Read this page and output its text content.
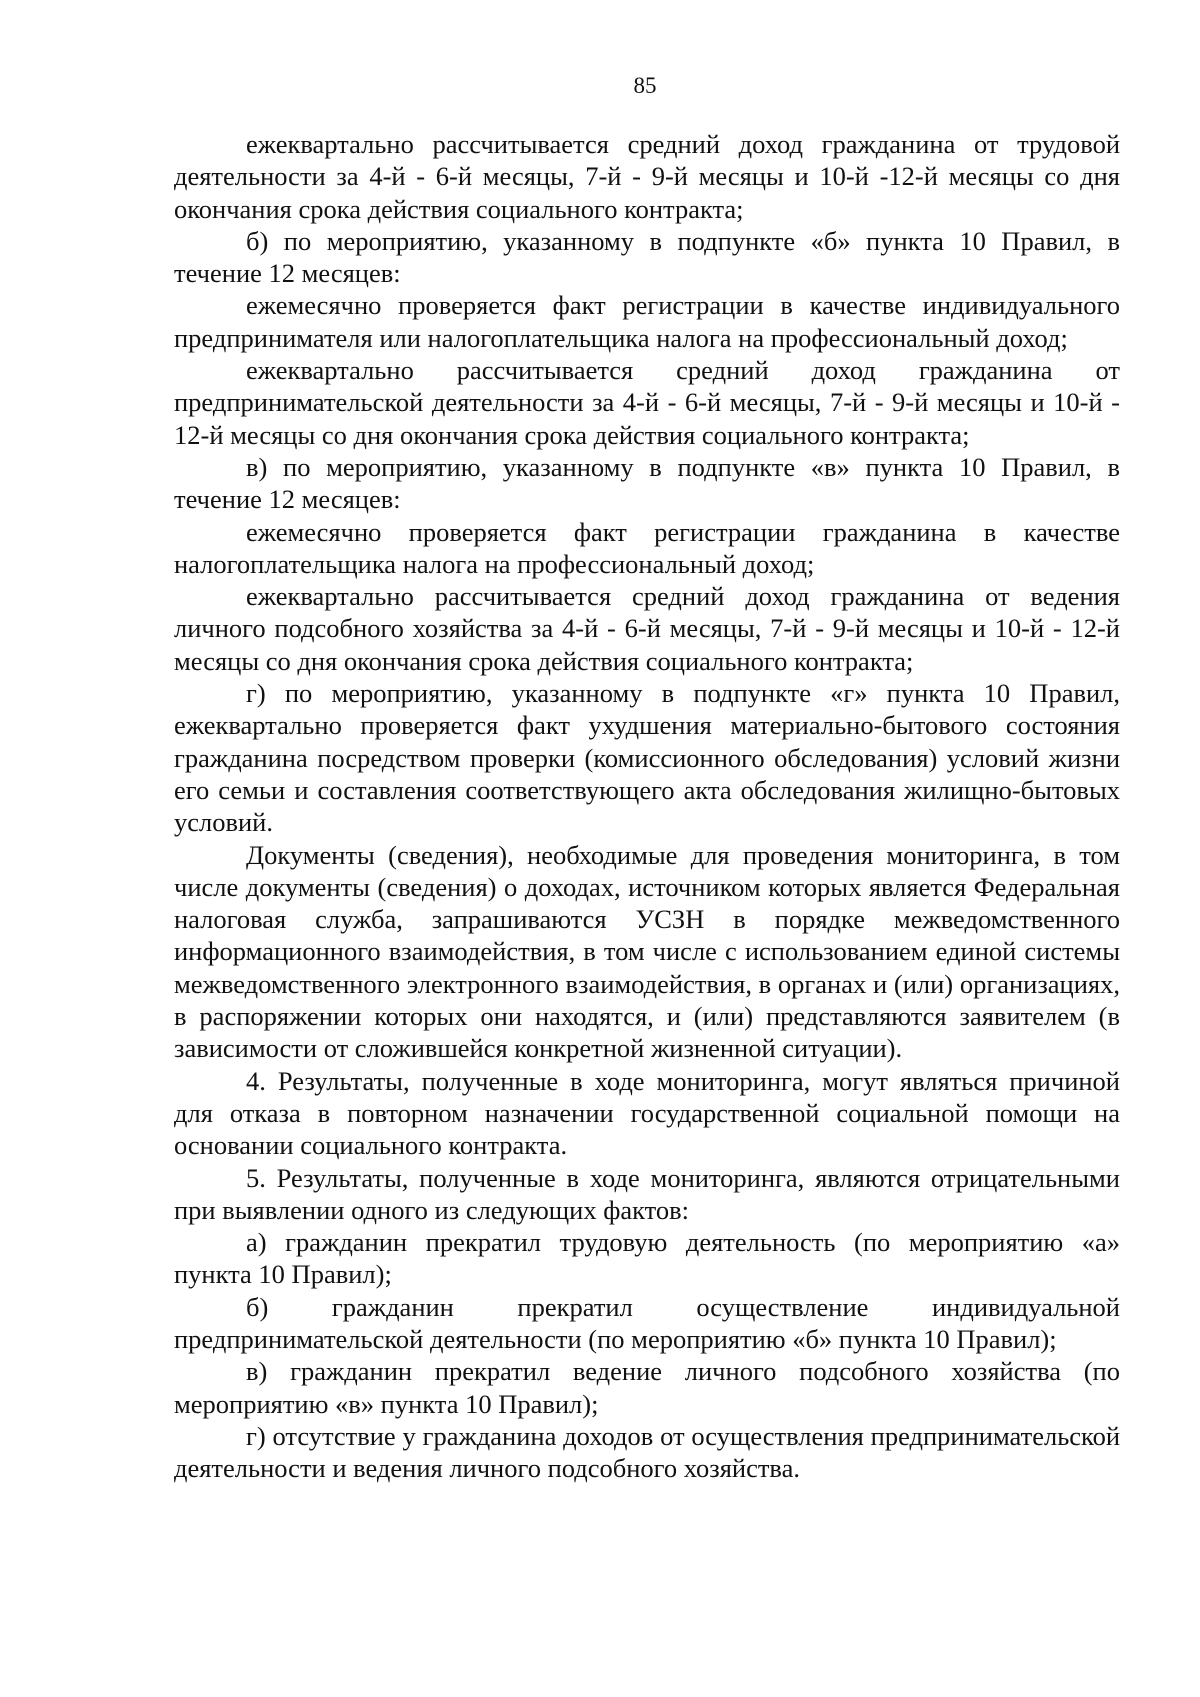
85

ежеквартально рассчитывается средний доход гражданина от трудовой деятельности за 4-й - 6-й месяцы, 7-й - 9-й месяцы и 10-й -12-й месяцы со дня окончания срока действия социального контракта;

б) по мероприятию, указанному в подпункте «б» пункта 10 Правил, в течение 12 месяцев:

ежемесячно проверяется факт регистрации в качестве индивидуального предпринимателя или налогоплательщика налога на профессиональный доход;

ежеквартально рассчитывается средний доход гражданина от предпринимательской деятельности за 4-й - 6-й месяцы, 7-й - 9-й месяцы и 10-й - 12-й месяцы со дня окончания срока действия социального контракта;

в) по мероприятию, указанному в подпункте «в» пункта 10 Правил, в течение 12 месяцев:

ежемесячно проверяется факт регистрации гражданина в качестве налогоплательщика налога на профессиональный доход;

ежеквартально рассчитывается средний доход гражданина от ведения личного подсобного хозяйства за 4-й - 6-й месяцы, 7-й - 9-й месяцы и 10-й - 12-й месяцы со дня окончания срока действия социального контракта;

г) по мероприятию, указанному в подпункте «г» пункта 10 Правил, ежеквартально проверяется факт ухудшения материально-бытового состояния гражданина посредством проверки (комиссионного обследования) условий жизни его семьи и составления соответствующего акта обследования жилищно-бытовых условий.

Документы (сведения), необходимые для проведения мониторинга, в том числе документы (сведения) о доходах, источником которых является Федеральная налоговая служба, запрашиваются УСЗН в порядке межведомственного информационного взаимодействия, в том числе с использованием единой системы межведомственного электронного взаимодействия, в органах и (или) организациях, в распоряжении которых они находятся, и (или) представляются заявителем (в зависимости от сложившейся конкретной жизненной ситуации).

4. Результаты, полученные в ходе мониторинга, могут являться причиной для отказа в повторном назначении государственной социальной помощи на основании социального контракта.

5. Результаты, полученные в ходе мониторинга, являются отрицательными при выявлении одного из следующих фактов:

а) гражданин прекратил трудовую деятельность (по мероприятию «а» пункта 10 Правил);

б) гражданин прекратил осуществление индивидуальной предпринимательской деятельности (по мероприятию «б» пункта 10 Правил);

в) гражданин прекратил ведение личного подсобного хозяйства (по мероприятию «в» пункта 10 Правил);

г) отсутствие у гражданина доходов от осуществления предпринимательской деятельности и ведения личного подсобного хозяйства.
